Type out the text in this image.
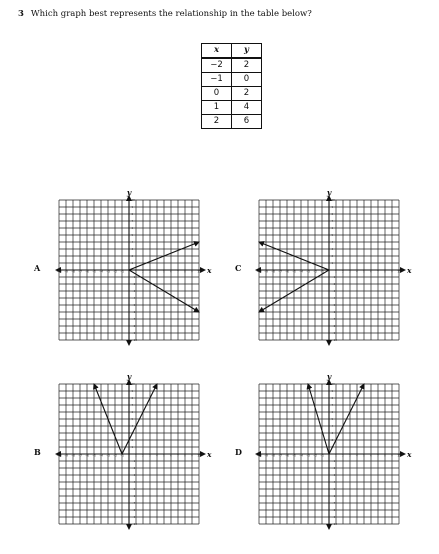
3 Which graph best represents the relationship in the table below?
x	y
−2	2
−1	0
0	2
1	4
2	6
A	C
B	D
1
−1
1
−1
2
−2
2
−2
3
−3
3
−3
4
−4
4
−4
5
−5
5
−5
6
−6
6
−6
7
−7
7
−7
8
−8
8
−8
9
−9
9
−9
10
−10
10
−10
x
y
1
−1
1
−1
2
−2
2
−2
3
−3
3
−3
4
−4
4
−4
5
−5
5
−5
6
−6
6
−6
7
−7
7
−7
8
−8
8
−8
9
−9
9
−9
10
−10
10
−10
x
y
1
−1
1
−1
2
−2
2
−2
3
−3
3
−3
4
−4
4
−4
5
−5
5
−5
6
−6
6
−6
7
−7
7
−7
8
−8
8
−8
9
−9
9
−9
10
−10
10
−10
x
y
1
−1
1
−1
2
−2
2
−2
3
−3
3
−3
4
−4
4
−4
5
−5
5
−5
6
−6
6
−6
7
−7
7
−7
8
−8
8
−8
9
−9
9
−9
10
−10
10
−10
x
y
